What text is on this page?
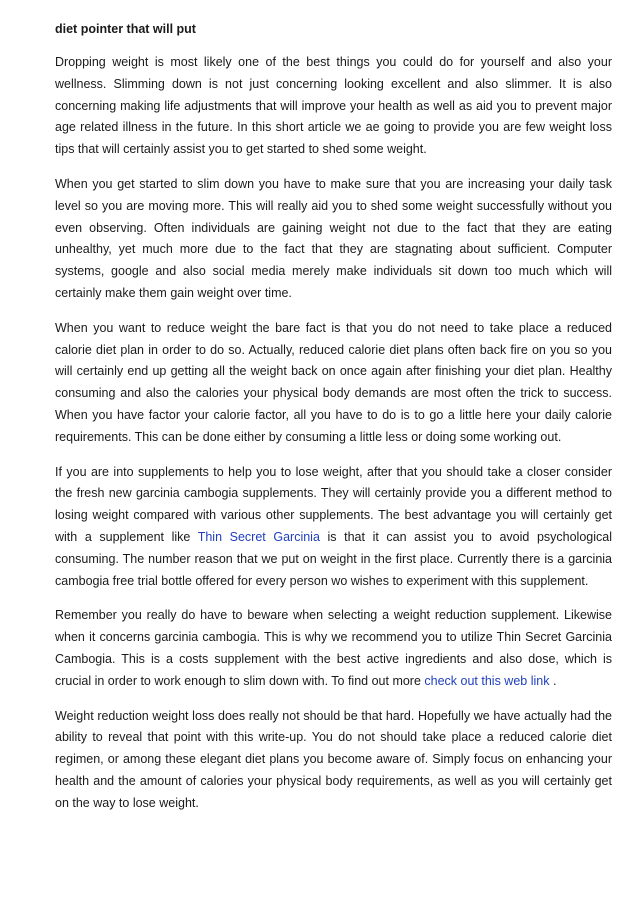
diet pointer that will put

Dropping weight is most likely one of the best things you could do for yourself and also your wellness. Slimming down is not just concerning looking excellent and also slimmer. It is also concerning making life adjustments that will improve your health as well as aid you to prevent major age related illness in the future. In this short article we ae going to provide you are few weight loss tips that will certainly assist you to get started to shed some weight.

When you get started to slim down you have to make sure that you are increasing your daily task level so you are moving more. This will really aid you to shed some weight successfully without you even observing. Often individuals are gaining weight not due to the fact that they are eating unhealthy, yet much more due to the fact that they are stagnating about sufficient. Computer systems, google and also social media merely make individuals sit down too much which will certainly make them gain weight over time.

When you want to reduce weight the bare fact is that you do not need to take place a reduced calorie diet plan in order to do so. Actually, reduced calorie diet plans often back fire on you so you will certainly end up getting all the weight back on once again after finishing your diet plan. Healthy consuming and also the calories your physical body demands are most often the trick to success. When you have factor your calorie factor, all you have to do is to go a little here your daily calorie requirements. This can be done either by consuming a little less or doing some working out.

If you are into supplements to help you to lose weight, after that you should take a closer consider the fresh new garcinia cambogia supplements. They will certainly provide you a different method to losing weight compared with various other supplements. The best advantage you will certainly get with a supplement like Thin Secret Garcinia is that it can assist you to avoid psychological consuming. The number reason that we put on weight in the first place. Currently there is a garcinia cambogia free trial bottle offered for every person wo wishes to experiment with this supplement.

Remember you really do have to beware when selecting a weight reduction supplement. Likewise when it concerns garcinia cambogia. This is why we recommend you to utilize Thin Secret Garcinia Cambogia. This is a costs supplement with the best active ingredients and also dose, which is crucial in order to work enough to slim down with. To find out more check out this web link .

Weight reduction weight loss does really not should be that hard. Hopefully we have actually had the ability to reveal that point with this write-up. You do not should take place a reduced calorie diet regimen, or among these elegant diet plans you become aware of. Simply focus on enhancing your health and the amount of calories your physical body requirements, as well as you will certainly get on the way to lose weight.
